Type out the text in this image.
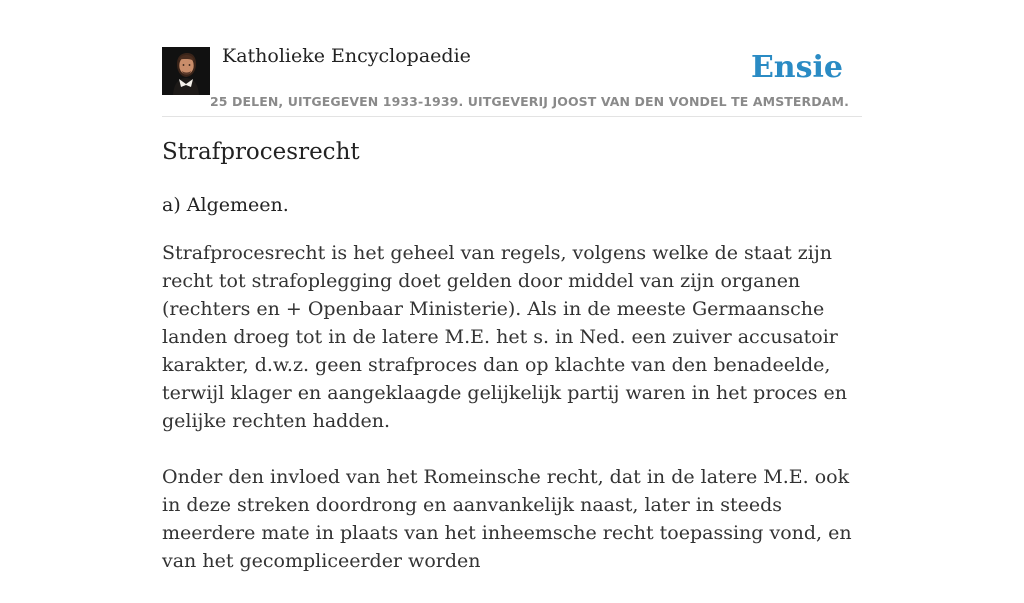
Katholieke Encyclopaedie	Ensie
25 DELEN, UITGEGEVEN 1933-1939. UITGEVERIJ JOOST VAN DEN VONDEL TE AMSTERDAM.
Strafprocesrecht

a) Algemeen.

Strafprocesrecht is het geheel van regels, volgens welke de staat zijn recht tot strafoplegging doet gelden door middel van zijn organen (rechters en + Openbaar Ministerie). Als in de meeste Germaansche landen droeg tot in de latere M.E. het s. in Ned. een zuiver accusatoir karakter, d.w.z. geen strafproces dan op klachte van den benadeelde, terwijl klager en aangeklaagde gelijkelijk partij waren in het proces en gelijke rechten hadden.

Onder den invloed van het Romeinsche recht, dat in de latere M.E. ook in deze streken doordrong en aanvankelijk naast, later in steeds meerdere mate in plaats van het inheemsche recht toepassing vond, en van het gecompliceerder worden
